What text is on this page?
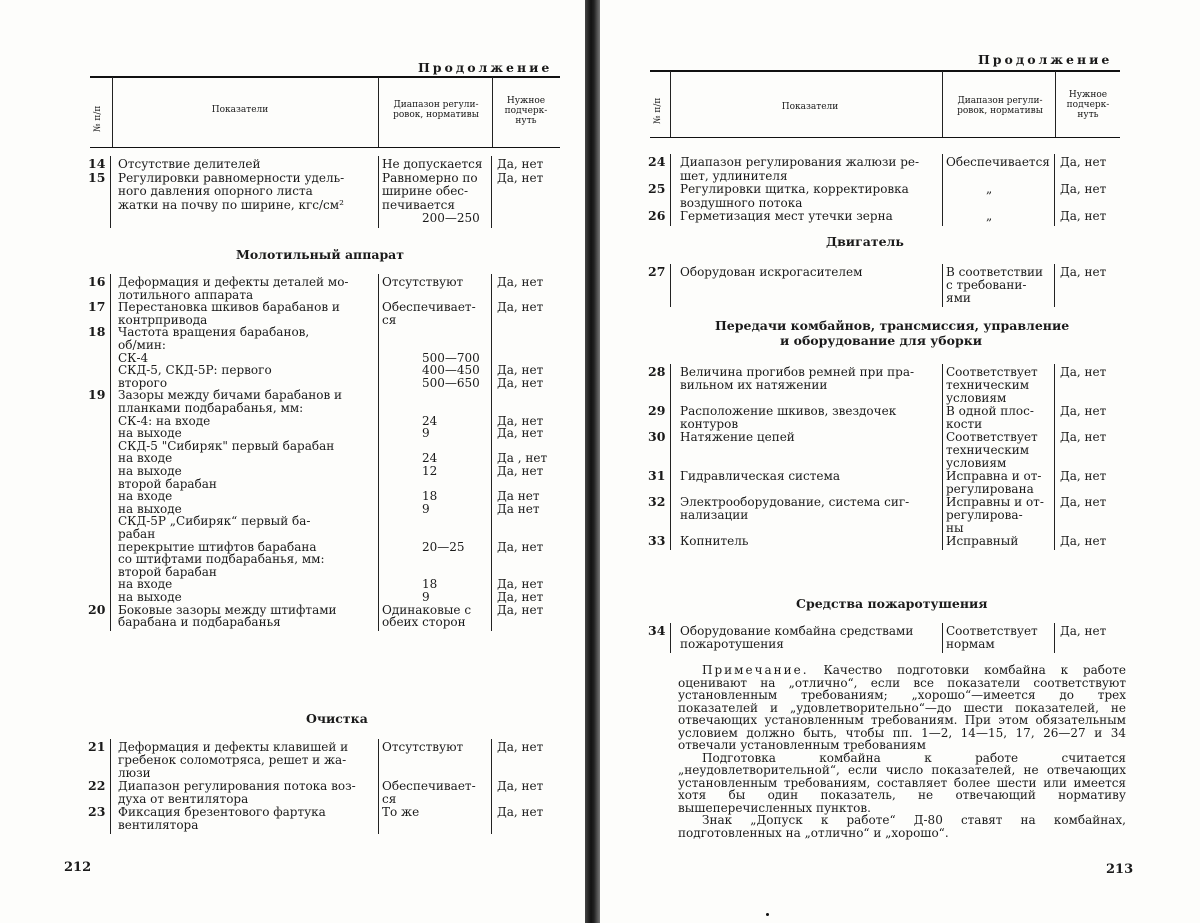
Продолжение
№ п/п	Показатели	Диапазон регули-ровок, нормативы
Нужное подчерк-нуть
14 Отсутствие делителей	Не допускается Да, нет
15 Регулировки равномерности удель-	Равномерно по Да, нет
ного давления опорного листа	ширине обес-
жатки на почву по ширине, кгс/см²	печивается
200—250
Молотильный аппарат
16 Деформация и дефекты деталей мо-	Отсутствуют	Да, нет
лотильного аппарата
17 Перестановка шкивов барабанов и	Обеспечивает- Да, нет
контрпривода	ся
18 Частота вращения барабанов,
об/мин:
СК-4	500—700
СКД-5, СКД-5Р: первого	400—450 Да, нет
второго	500—650 Да, нет
19 Зазоры между бичами барабанов и
планками подбарабанья, мм:
СК-4: на входе	24	Да, нет
на выходе	9	Да, нет
СКД-5 "Сибиряк" первый барабан
на входе	24	Да , нет
на выходе	12	Да, нет
второй барабан
на входе	18	Да нет
на выходе	9	Да нет
СКД-5Р „Сибиряк“ первый ба-
рабан
перекрытие штифтов барабана	20—25	Да, нет
со штифтами подбарабанья, мм:
второй барабан
на входе	18	Да, нет
на выходе	9	Да, нет
20 Боковые зазоры между штифтами	Одинаковые с Да, нет
барабана и подбарабанья	обеих сторон
Очистка
21 Деформация и дефекты клавишей и	Отсутствуют	Да, нет
гребенок соломотряса, решет и жа-
люзи
22 Диапазон регулирования потока воз- Обеспечивает- Да, нет
духа от вентилятора	ся
23 Фиксация брезентового фартука	То же	Да, нет
вентилятора
212
Продолжение
№ п/п	Показатели
Диапазон регули-ровок, нормативы
Нужное подчерк-нуть
24 Диапазон регулирования жалюзи ре- Обеспечивается Да, нет
шет, удлинителя
25 Регулировки щитка, корректировка	„	Да, нет
воздушного потока
26 Герметизация мест утечки зерна	„	Да, нет
Двигатель
27 Оборудован искрогасителем	В соответствии Да, нет
с требовани-
ями
Передачи комбайнов, трансмиссия, управление
и оборудование для уборки
28 Величина прогибов ремней при пра-	Соответствует Да, нет
вильном их натяжении	техническим
условиям
29 Расположение шкивов, звездочек	В одной плос- Да, нет
контуров	кости
30 Натяжение цепей	Соответствует Да, нет
техническим
условиям
31 Гидравлическая система	Исправна и от- Да, нет
регулирована
32 Электрооборудование, система сиг-	Исправны и от- Да, нет
нализации	регулирова-
ны
33 Копнитель	Исправный	Да, нет
Средства пожаротушения
34 Оборудование комбайна средствами	Соответствует Да, нет
пожаротушения	нормам

Примечание. Качество подготовки комбайна к работе оценивают на „отлично“, если все показатели соответствуют установленным требованиям; „хорошо“—имеется до трех показателей и „удовлетворительно“—до шести показателей, не отвечающих установленным требованиям. При этом обязательным условием должно быть, чтобы пп. 1—2, 14—15, 17, 26—27 и 34 отвечали установленным требованиям

Подготовка комбайна к работе считается „неудовлетворительной“, если число показателей, не отвечающих установленным требованиям, составляет более шести или имеется хотя бы один показатель, не отвечающий нормативу вышеперечисленных пунктов.

Знак „Допуск к работе“ Д-80 ставят на комбайнах, подготовленных на „отлично“ и „хорошо“.

213
